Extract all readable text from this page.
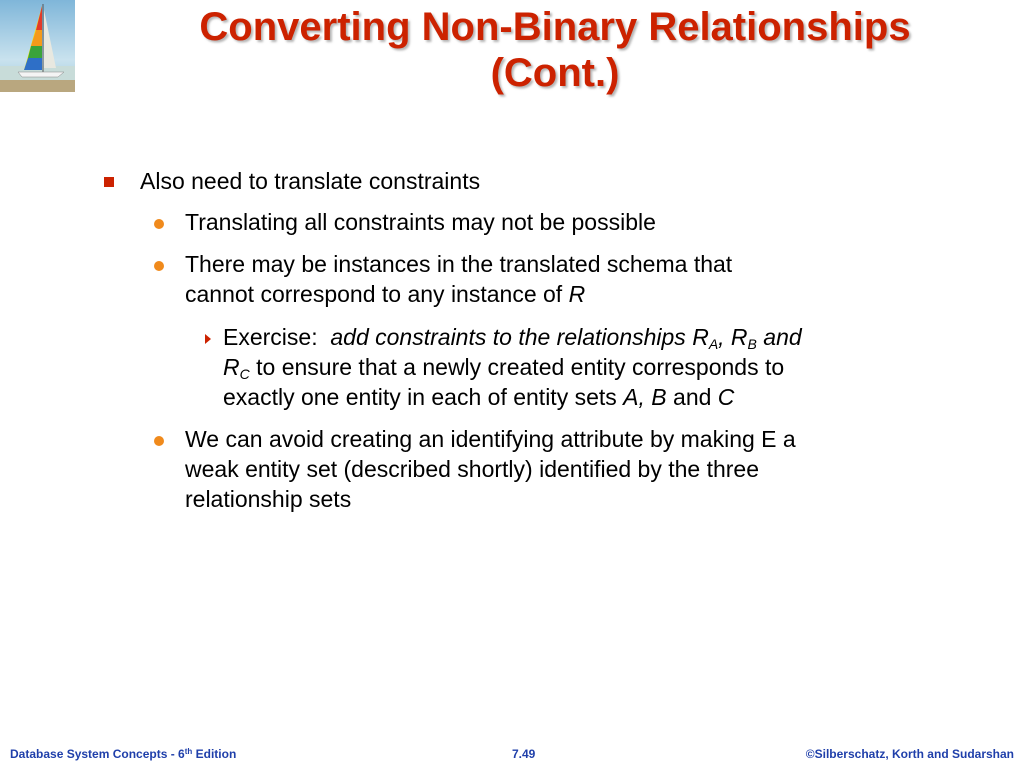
Converting Non-Binary Relationships
(Cont.)
Also need to translate constraints
Translating all constraints may not be possible
There may be instances in the translated schema that
cannot correspond to any instance of R
Exercise: add constraints to the relationships $R_A$, $R_B$ and
$R_C$ to ensure that a newly created entity corresponds to
exactly one entity in each of entity sets A, B and C
We can avoid creating an identifying attribute by making E a
weak entity set (described shortly) identified by the three
relationship sets
Database System Concepts - 6th Edition	7.49	©Silberschatz, Korth and Sudarshan
